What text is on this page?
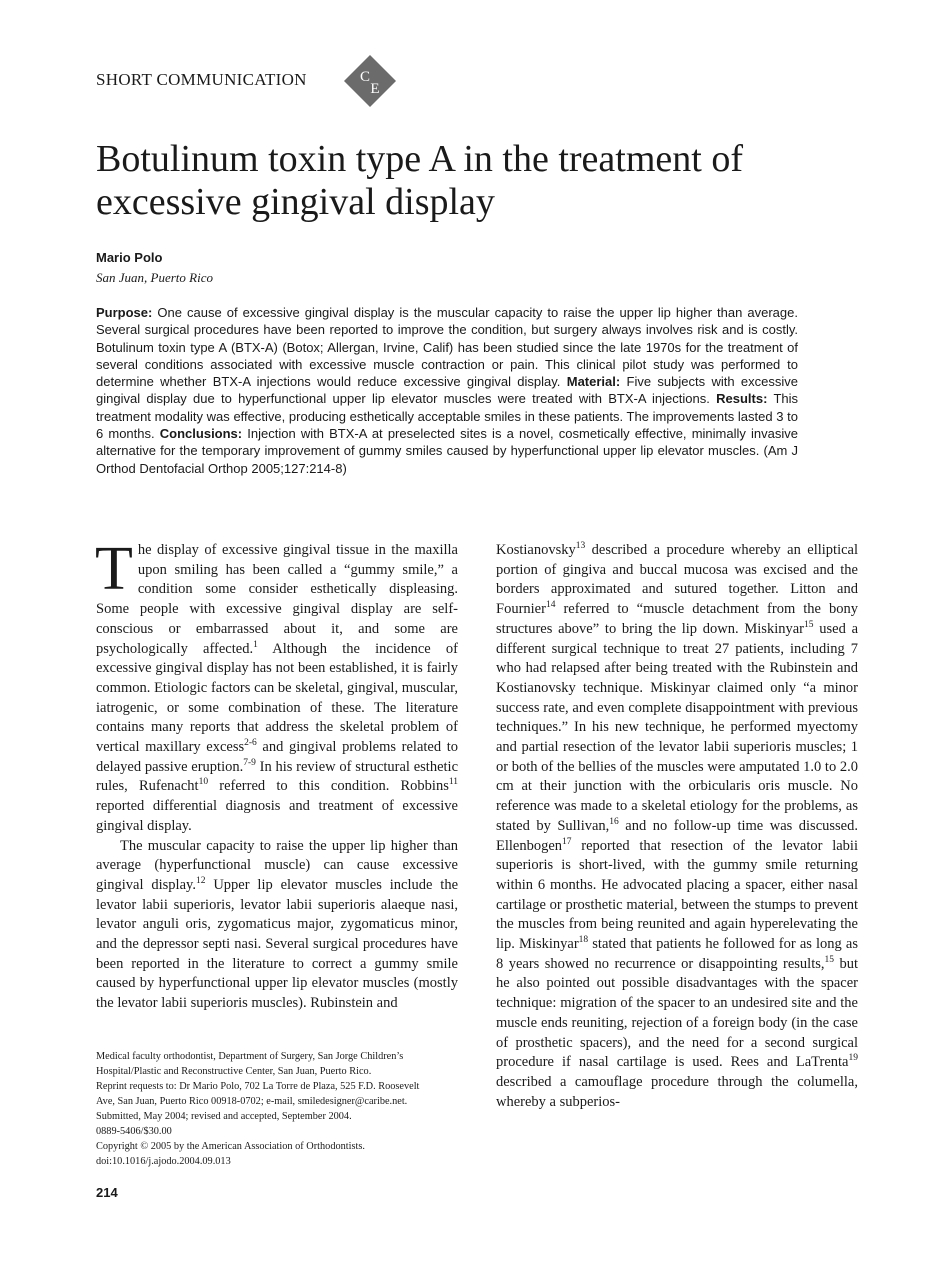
SHORT COMMUNICATION	C
E
Botulinum toxin type A in the treatment of excessive gingival display
Mario Polo
San Juan, Puerto Rico

Purpose: One cause of excessive gingival display is the muscular capacity to raise the upper lip higher than average. Several surgical procedures have been reported to improve the condition, but surgery always involves risk and is costly. Botulinum toxin type A (BTX-A) (Botox; Allergan, Irvine, Calif) has been studied since the late 1970s for the treatment of several conditions associated with excessive muscle contraction or pain. This clinical pilot study was performed to determine whether BTX-A injections would reduce excessive gingival display. Material: Five subjects with excessive gingival display due to hyperfunctional upper lip elevator muscles were treated with BTX-A injections. Results: This treatment modality was effective, producing esthetically acceptable smiles in these patients. The improvements lasted 3 to 6 months. Conclusions: Injection with BTX-A at preselected sites is a novel, cosmetically effective, minimally invasive alternative for the temporary improvement of gummy smiles caused by hyperfunctional upper lip elevator muscles. (Am J Orthod Dentofacial Orthop 2005;127:214-8)

The display of excessive gingival tissue in the maxilla upon smiling has been called a “gummy smile,” a condition some consider esthetically displeasing. Some people with excessive gingival display are self-conscious or embarrassed about it, and some are psychologically affected.$^1$ Although the incidence of excessive gingival display has not been established, it is fairly common. Etiologic factors can be skeletal, gingival, muscular, iatrogenic, or some combination of these. The literature contains many reports that address the skeletal problem of vertical maxillary excess$^{2-6}$ and gingival problems related to delayed passive eruption.$^{7-9}$ In his review of structural esthetic rules, Rufenacht$^{10}$ referred to this condition. Robbins$^{11}$ reported differential diagnosis and treatment of excessive gingival display.

The muscular capacity to raise the upper lip higher than average (hyperfunctional muscle) can cause excessive gingival display.$^{12}$ Upper lip elevator muscles include the levator labii superioris, levator labii superioris alaeque nasi, levator anguli oris, zygomaticus major, zygomaticus minor, and the depressor septi nasi. Several surgical procedures have been reported in the literature to correct a gummy smile caused by hyperfunctional upper lip elevator muscles (mostly the levator labii superioris muscles). Rubinstein and

Kostianovsky$^{13}$ described a procedure whereby an elliptical portion of gingiva and buccal mucosa was excised and the borders approximated and sutured together. Litton and Fournier$^{14}$ referred to “muscle detachment from the bony structures above” to bring the lip down. Miskinyar$^{15}$ used a different surgical technique to treat 27 patients, including 7 who had relapsed after being treated with the Rubinstein and Kostianovsky technique. Miskinyar claimed only “a minor success rate, and even complete disappointment with previous techniques.” In his new technique, he performed myectomy and partial resection of the levator labii superioris muscles; 1 or both of the bellies of the muscles were amputated 1.0 to 2.0 cm at their junction with the orbicularis oris muscle. No reference was made to a skeletal etiology for the problems, as stated by Sullivan,$^{16}$ and no follow-up time was discussed. Ellenbogen$^{17}$ reported that resection of the levator labii superioris is short-lived, with the gummy smile returning within 6 months. He advocated placing a spacer, either nasal cartilage or prosthetic material, between the stumps to prevent the muscles from being reunited and again hyperelevating the lip. Miskinyar$^{18}$ stated that patients he followed for as long as 8 years showed no recurrence or disappointing results,$^{15}$ but he also pointed out possible disadvantages with the spacer technique: migration of the spacer to an undesired site and the muscle ends reuniting, rejection of a foreign body (in the case of prosthetic spacers), and the need for a second surgical procedure if nasal cartilage is used. Rees and LaTrenta$^{19}$ described a camouflage procedure through the columella, whereby a subperios-

Medical faculty orthodontist, Department of Surgery, San Jorge Children’s
Hospital/Plastic and Reconstructive Center, San Juan, Puerto Rico.
Reprint requests to: Dr Mario Polo, 702 La Torre de Plaza, 525 F.D. Roosevelt
Ave, San Juan, Puerto Rico 00918-0702; e-mail, smiledesigner@caribe.net.
Submitted, May 2004; revised and accepted, September 2004.
0889-5406/$30.00
Copyright © 2005 by the American Association of Orthodontists.
doi:10.1016/j.ajodo.2004.09.013
214
